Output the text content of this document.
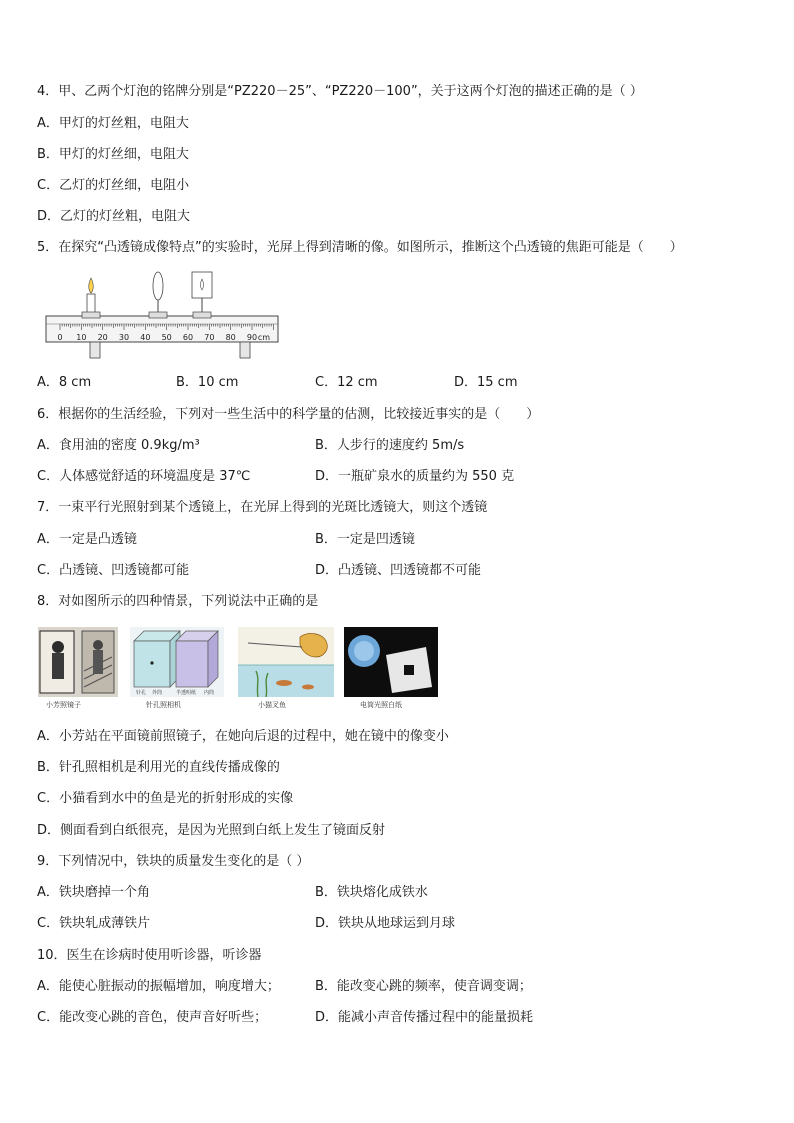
4．甲、乙两个灯泡的铭牌分别是“PZ220－25”、“PZ220－100”，关于这两个灯泡的描述正确的是（ ）
A．甲灯的灯丝粗，电阻大
B．甲灯的灯丝细，电阻大
C．乙灯的灯丝细，电阻小
D．乙灯的灯丝粗，电阻大
5．在探究“凸透镜成像特点”的实验时，光屏上得到清晰的像。如图所示，推断这个凸透镜的焦距可能是（　　）
0 10 20 30 40 50 60 70 80 90 cm
A．8 cm	B．10 cm	C．12 cm	D．15 cm
6．根据你的生活经验，下列对一些生活中的科学量的估测，比较接近事实的是（　　）
A．食用油的密度 0.9kg/m³	B．人步行的速度约 5m/s
C．人体感觉舒适的环境温度是 37℃	D．一瓶矿泉水的质量约为 550 克
7．一束平行光照射到某个透镜上，在光屏上得到的光斑比透镜大，则这个透镜
A．一定是凸透镜	B．一定是凹透镜
C．凸透镜、凹透镜都可能	D．凸透镜、凹透镜都不可能
8．对如图所示的四种情景，下列说法中正确的是
小芳照镜子
针孔 外筒	半透明纸 内筒
针孔照相机	小猫叉鱼	电筒光照白纸
A．小芳站在平面镜前照镜子，在她向后退的过程中，她在镜中的像变小
B．针孔照相机是利用光的直线传播成像的
C．小猫看到水中的鱼是光的折射形成的实像
D．侧面看到白纸很亮，是因为光照到白纸上发生了镜面反射
9．下列情况中，铁块的质量发生变化的是（ ）
A．铁块磨掉一个角	B．铁块熔化成铁水
C．铁块轧成薄铁片	D．铁块从地球运到月球
10．医生在诊病时使用听诊器，听诊器
A．能使心脏振动的振幅增加，响度增大；	B．能改变心跳的频率，使音调变调；
C．能改变心跳的音色，使声音好听些；	D．能减小声音传播过程中的能量损耗
